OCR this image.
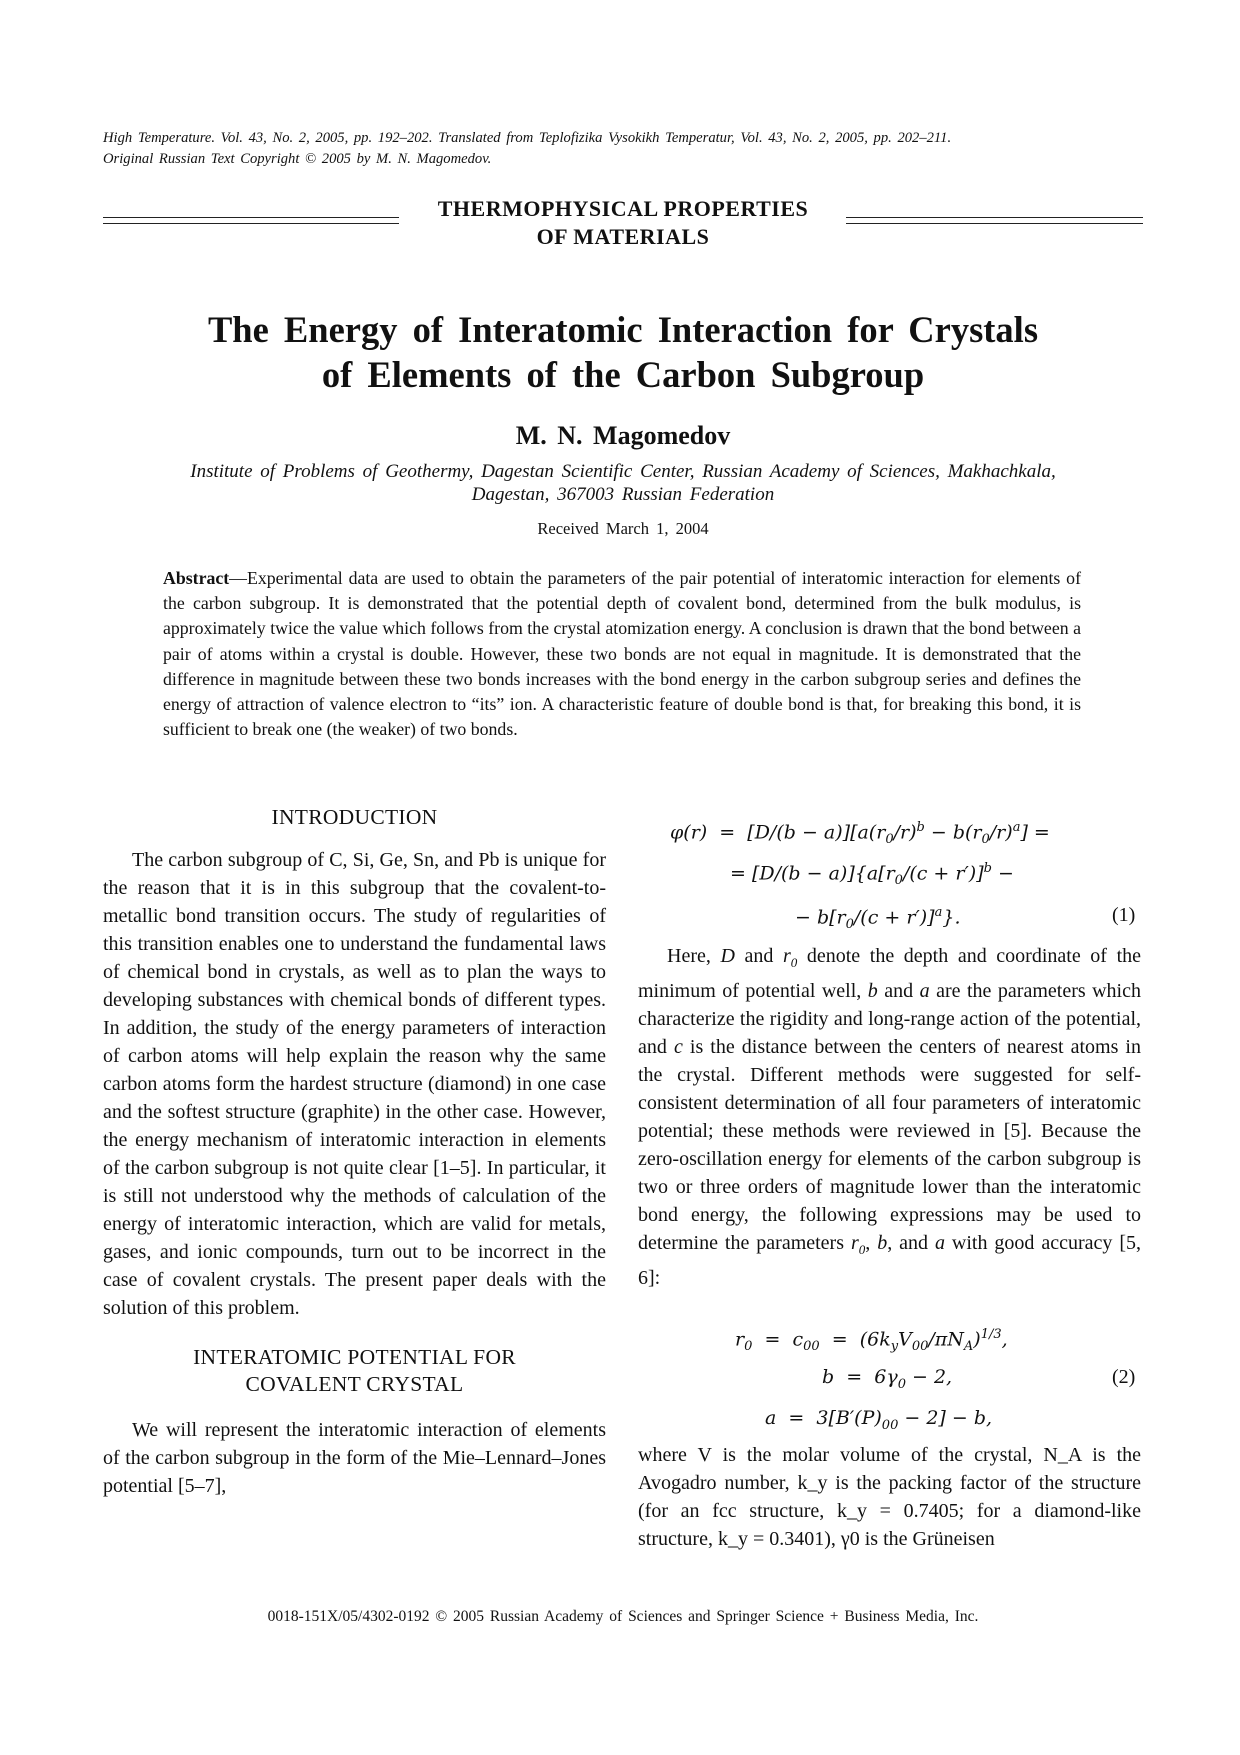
High Temperature. Vol. 43, No. 2, 2005, pp. 192–202. Translated from Teplofizika Vysokikh Temperatur, Vol. 43, No. 2, 2005, pp. 202–211.
Original Russian Text Copyright © 2005 by M. N. Magomedov.
THERMOPHYSICAL PROPERTIES
OF MATERIALS
The Energy of Interatomic Interaction for Crystals
of Elements of the Carbon Subgroup
M. N. Magomedov
Institute of Problems of Geothermy, Dagestan Scientific Center, Russian Academy of Sciences, Makhachkala,
Dagestan, 367003 Russian Federation
Received March 1, 2004
Abstract—Experimental data are used to obtain the parameters of the pair potential of interatomic interaction for elements of the carbon subgroup. It is demonstrated that the potential depth of covalent bond, determined from the bulk modulus, is approximately twice the value which follows from the crystal atomization energy. A conclusion is drawn that the bond between a pair of atoms within a crystal is double. However, these two bonds are not equal in magnitude. It is demonstrated that the difference in magnitude between these two bonds increases with the bond energy in the carbon subgroup series and defines the energy of attraction of valence electron to “its” ion. A characteristic feature of double bond is that, for breaking this bond, it is sufficient to break one (the weaker) of two bonds.
INTRODUCTION

The carbon subgroup of C, Si, Ge, Sn, and Pb is unique for the reason that it is in this subgroup that the covalent-to-metallic bond transition occurs. The study of regularities of this transition enables one to understand the fundamental laws of chemical bond in crystals, as well as to plan the ways to developing substances with chemical bonds of different types. In addition, the study of the energy parameters of interaction of carbon atoms will help explain the reason why the same carbon atoms form the hardest structure (diamond) in one case and the softest structure (graphite) in the other case. However, the energy mechanism of interatomic interaction in elements of the carbon subgroup is not quite clear [1–5]. In particular, it is still not understood why the methods of calculation of the energy of interatomic interaction, which are valid for metals, gases, and ionic compounds, turn out to be incorrect in the case of covalent crystals. The present paper deals with the solution of this problem.

INTERATOMIC POTENTIAL FOR
COVALENT CRYSTAL

We will represent the interatomic interaction of elements of the carbon subgroup in the form of the Mie–Lennard–Jones potential [5–7],

$\varphi(r) = [D/(b - a)][a(r_0/r)^b - b(r_0/r)^a]$ =
= $[D/(b - a)]\{a[r_0/(c + r')]^b$ −
− $b[r_0/(c + r')]^a$}.	(1)

Here, D and $r_0$ denote the depth and coordinate of the minimum of potential well, b and a are the parameters which characterize the rigidity and long-range action of the potential, and c is the distance between the centers of nearest atoms in the crystal. Different methods were suggested for self-consistent determination of all four parameters of interatomic potential; these methods were reviewed in [5]. Because the zero-oscillation energy for elements of the carbon subgroup is two or three orders of magnitude lower than the interatomic bond energy, the following expressions may be used to determine the parameters $r_0$, b, and a with good accuracy [5, 6]:

$r_0 = c_{00} = (6k_yV_{00}/\pi N_A)^{1/3}$,
$b = 6\gamma_0 - 2$,	(2)
$a = 3[B'(P)_{00} - 2] - b$,

where V is the molar volume of the crystal, N_A is the Avogadro number, k_y is the packing factor of the structure (for an fcc structure, k_y = 0.7405; for a diamond-like structure, k_y = 0.3401), γ0 is the Grüneisen

0018-151X/05/4302-0192 © 2005 Russian Academy of Sciences and Springer Science + Business Media, Inc.
